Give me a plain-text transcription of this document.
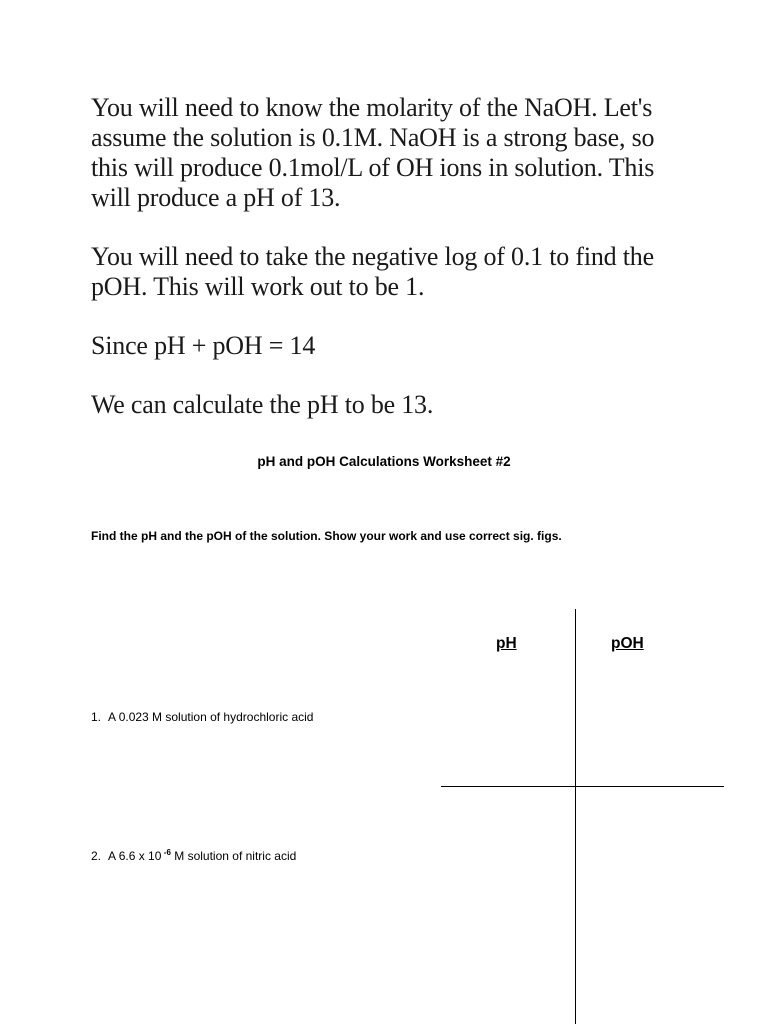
You will need to know the molarity of the NaOH. Let's assume the solution is 0.1M. NaOH is a strong base, so this will produce 0.1mol/L of OH ions in solution. This will produce a pH of 13.

You will need to take the negative log of 0.1 to find the pOH. This will work out to be 1.

Since pH + pOH = 14

We can calculate the pH to be 13.

pH and pOH Calculations Worksheet #2
Find the pH and the pOH of the solution. Show your work and use correct sig. figs.
pH	pOH
1. A 0.023 M solution of hydrochloric acid
2. A 6.6 x 10  $^{-6}$ M solution of nitric acid
